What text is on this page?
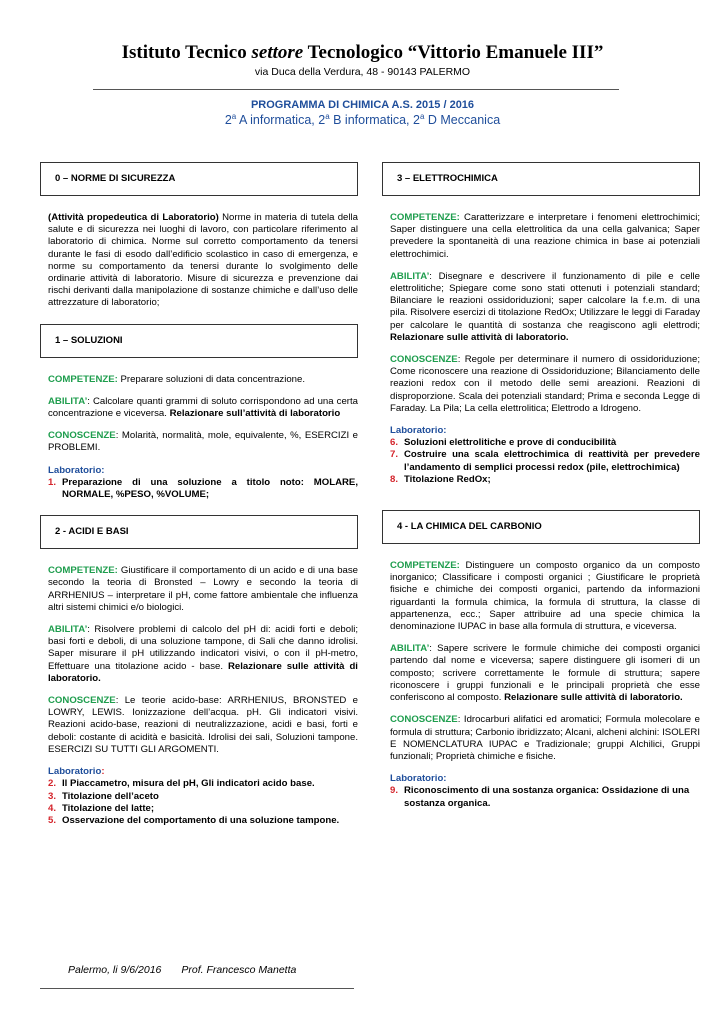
Istituto Tecnico settore Tecnologico “Vittorio Emanuele III”
via Duca della Verdura, 48 - 90143 PALERMO
PROGRAMMA DI CHIMICA A.S. 2015 / 2016
2$^a$ A informatica, 2$^a$ B informatica, 2$^a$ D Meccanica
0 – NORME DI SICUREZZA

(Attività propedeutica di Laboratorio) Norme in materia di tutela della salute e di sicurezza nei luoghi di lavoro, con particolare riferimento al laboratorio di chimica. Norme sul corretto comportamento da tenersi durante le fasi di esodo dall’edificio scolastico in caso di emergenza, e norme su comportamento da tenersi durante lo svolgimento delle ordinarie attività di laboratorio. Misure di sicurezza e prevenzione dai rischi derivanti dalla manipolazione di sostanze chimiche e dall’uso delle attrezzature di laboratorio;

1 – SOLUZIONI

COMPETENZE: Preparare soluzioni di data concentrazione.

ABILITA’: Calcolare quanti grammi di soluto corrispondono ad una certa concentrazione e viceversa. Relazionare sull’attività di laboratorio

CONOSCENZE: Molarità, normalità, mole, equivalente, %, ESERCIZI e PROBLEMI.

Laboratorio:
1. Preparazione di una soluzione a titolo noto: MOLARE, NORMALE, %PESO, %VOLUME;
2 - ACIDI E BASI

COMPETENZE: Giustificare il comportamento di un acido e di una base secondo la teoria di Bronsted – Lowry e secondo la teoria di ARRHENIUS – interpretare il pH, come fattore ambientale che influenza altri sistemi chimici e/o biologici.

ABILITA’: Risolvere problemi di calcolo del pH di: acidi forti e deboli; basi forti e deboli, di una soluzione tampone, di Sali che danno idrolisi. Saper misurare il pH utilizzando indicatori visivi, o con il pH-metro, Effettuare una titolazione acido - base. Relazionare sulle attività di laboratorio.

CONOSCENZE: Le teorie acido-base: ARRHENIUS, BRONSTED e LOWRY, LEWIS. Ionizzazione dell’acqua. pH. Gli indicatori visivi. Reazioni acido-base, reazioni di neutralizzazione, acidi e basi, forti e deboli: costante di acidità e basicità. Idrolisi dei sali, Soluzioni tampone. ESERCIZI SU TUTTI GLI ARGOMENTI.

Laboratorio:
2. Il Piaccametro, misura del pH, Gli indicatori acido base.
3. Titolazione dell’aceto
4. Titolazione del latte;
5. Osservazione del comportamento di una soluzione tampone.
3 – ELETTROCHIMICA

COMPETENZE: Caratterizzare e interpretare i fenomeni elettrochimici; Saper distinguere una cella elettrolitica da una cella galvanica; Saper prevedere la spontaneità di una reazione chimica in base ai potenziali elettrochimici.

ABILITA’: Disegnare e descrivere il funzionamento di pile e celle elettrolitiche; Spiegare come sono stati ottenuti i potenziali standard; Bilanciare le reazioni ossidoriduzioni; saper calcolare la f.e.m. di una pila. Risolvere esercizi di titolazione RedOx; Utilizzare le leggi di Faraday per calcolare le quantità di sostanza che reagiscono agli elettrodi; Relazionare sulle attività di laboratorio.

CONOSCENZE: Regole per determinare il numero di ossidoriduzione; Come riconoscere una reazione di Ossidoriduzione; Bilanciamento delle reazioni redox con il metodo delle semi areazioni. Reazioni di disproporzione. Scala dei potenziali standard; Prima e seconda Legge di Faraday. La Pila; La cella elettrolitica; Elettrodo a Idrogeno.

Laboratorio:
6. Soluzioni elettrolitiche e prove di conducibilità
7. Costruire una scala elettrochimica di reattività per prevedere l’andamento di semplici processi redox (pile, elettrochimica)
8. Titolazione RedOx;
4 - LA CHIMICA DEL CARBONIO

COMPETENZE: Distinguere un composto organico da un composto inorganico; Classificare i composti organici ; Giustificare le proprietà fisiche e chimiche dei composti organici, partendo da informazioni riguardanti la formula chimica, la formula di struttura, la classe di appartenenza, ecc.; Saper attribuire ad una specie chimica la denominazione IUPAC in base alla formula di struttura, e viceversa.

ABILITA’: Sapere scrivere le formule chimiche dei composti organici partendo dal nome e viceversa; sapere distinguere gli isomeri di un composto; scrivere correttamente le formule di struttura; sapere riconoscere i gruppi funzionali e le principali proprietà che esse conferiscono al composto. Relazionare sulle attività di laboratorio.

CONOSCENZE: Idrocarburi alifatici ed aromatici; Formula molecolare e formula di struttura; Carbonio ibridizzato; Alcani, alcheni alchini: ISOLERI E NOMENCLATURA IUPAC e Tradizionale; gruppi Alchilici, Gruppi funzionali; Proprietà chimiche e fisiche.

Laboratorio:
9. Riconoscimento di una sostanza organica: Ossidazione di una sostanza organica.
Palermo, li 9/6/2016 Prof. Francesco Manetta
